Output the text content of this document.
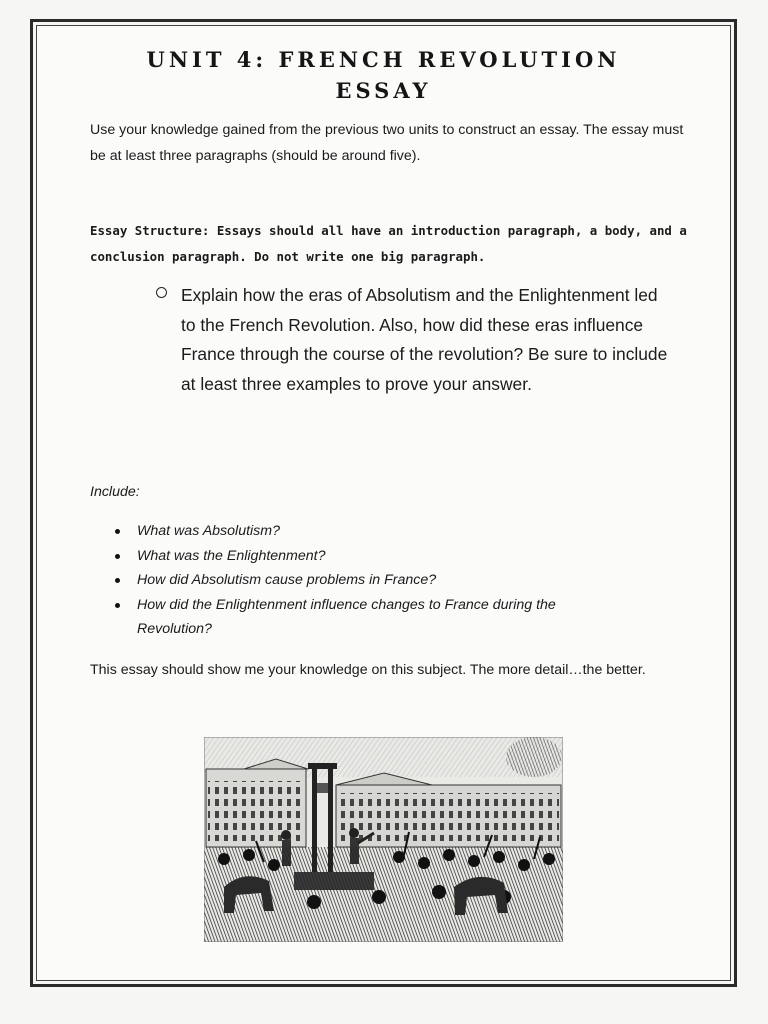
UNIT 4: FRENCH REVOLUTION
ESSAY
Use your knowledge gained from the previous two units to construct an essay. The essay must be at least three paragraphs (should be around five).
Essay Structure: Essays should all have an introduction paragraph, a body, and a conclusion paragraph. Do not write one big paragraph.
Explain how the eras of Absolutism and the Enlightenment led to the French Revolution. Also, how did these eras influence France through the course of the revolution? Be sure to include at least three examples to prove your answer.
Include:
What was Absolutism?
What was the Enlightenment?
How did Absolutism cause problems in France?
How did the Enlightenment influence changes to France during the Revolution?
This essay should show me your knowledge on this subject. The more detail…the better.
